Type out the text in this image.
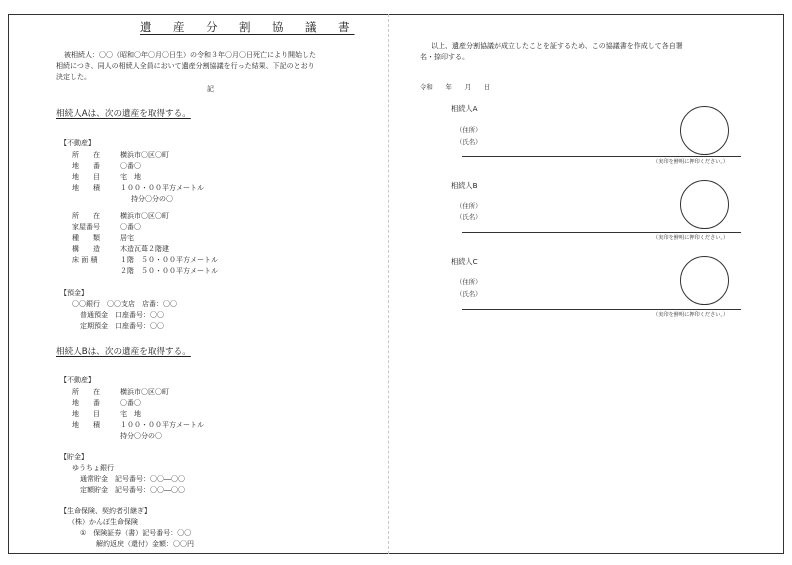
遺　産　分　割　協　議　書
被相続人：〇〇（昭和〇年〇月〇日生）の令和３年〇月〇日死亡により開始した
相続につき、同人の相続人全員において遺産分割協議を行った結果、下記のとおり
決定した。
記
相続人Aは、次の遺産を取得する。
【不動産】
所　　在	横浜市〇区〇町
地　　番	〇番〇
地　　目	宅　地
地　　積	１００・００平方メートル
持分〇分の〇
所　　在	横浜市〇区〇町
家屋番号	〇番〇
種　　類	居宅
構　　造	木造瓦葺２階建
床 面 積	１階　５０・００平方メートル
２階　５０・００平方メートル
【預金】
〇〇銀行　〇〇支店　店番：〇〇
普通預金　口座番号：〇〇
定期預金　口座番号：〇〇
相続人Bは、次の遺産を取得する。
【不動産】
所　　在	横浜市〇区〇町
地　　番	〇番〇
地　　目	宅　地
地　　積	１００・００平方メートル
持分〇分の〇
【貯金】
ゆうちょ銀行
通常貯金　記号番号：〇〇―〇〇
定額貯金　記号番号：〇〇―〇〇
【生命保険、契約者引継ぎ】
（株）かんぽ生命保険
①　保険証券（書）記号番号：〇〇
解約返戻（還付）金額：〇〇円
以上、遺産分割協議が成立したことを証するため、この協議書を作成して各自署
名・捺印する。
令和　　年　　月　　日
相続人A
（住所）
（氏名）
（実印を鮮明に押印ください。）
相続人B
（住所）
（氏名）
（実印を鮮明に押印ください。）
相続人C
（住所）
（氏名）
（実印を鮮明に押印ください。）
